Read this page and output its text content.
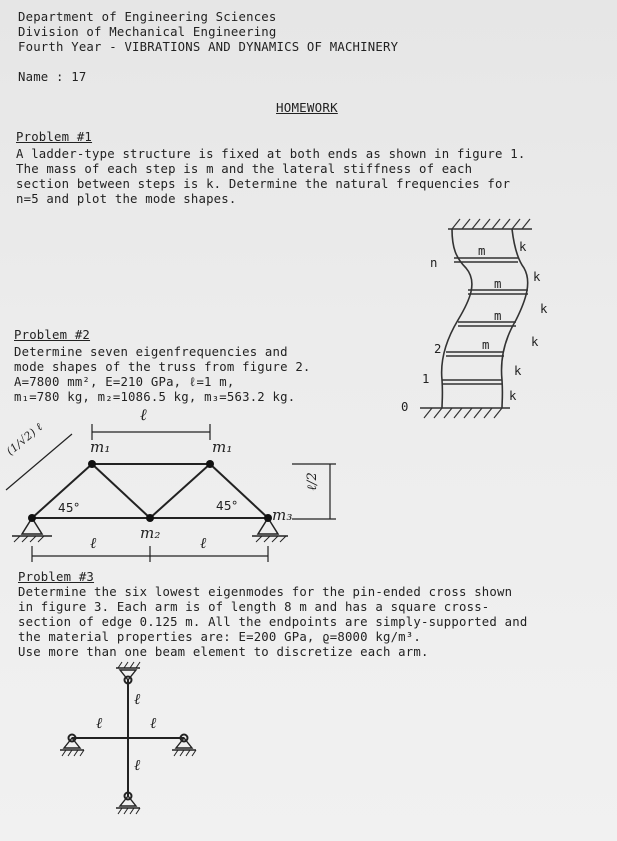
Department of Engineering Sciences
Division of Mechanical Engineering
Fourth Year - VIBRATIONS AND DYNAMICS OF MACHINERY
Name : 17
HOMEWORK
Problem #1
A ladder-type structure is fixed at both ends as shown in figure 1.
The mass of each step is m and the lateral stiffness of each
section between steps is k. Determine the natural frequencies for
n=5 and plot the mode shapes.
m
m
m
m
k
k
k
k
k
k
n
2
1
0
Problem #2
Determine seven eigenfrequencies and
mode shapes of the truss from figure 2.
A=7800 mm², E=210 GPa, ℓ=1 m,
m₁=780 kg, m₂=1086.5 kg, m₃=563.2 kg.
ℓ
(1/√2) ℓ	m₁	m₁
m₂
m₃
45°	45°
ℓ	ℓ
ℓ/2
Problem #3
Determine the six lowest eigenmodes for the pin-ended cross shown
in figure 3. Each arm is of length 8 m and has a square cross-
section of edge 0.125 m. All the endpoints are simply-supported and
the material properties are: E=200 GPa, ϱ=8000 kg/m³.
Use more than one beam element to discretize each arm.
ℓ
ℓ	ℓ
ℓ
